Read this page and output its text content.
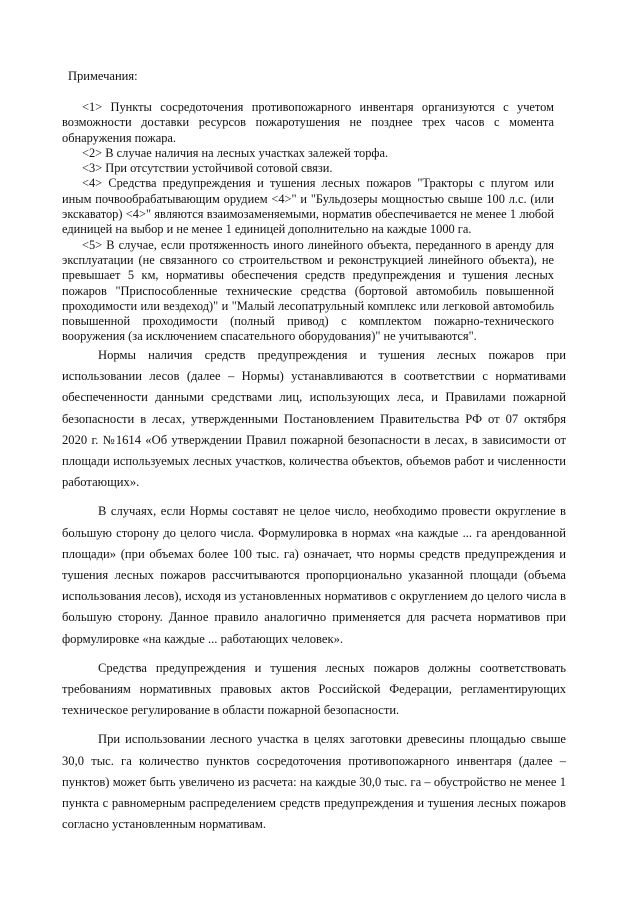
Примечания:

<1> Пункты сосредоточения противопожарного инвентаря организуются с учетом возможности доставки ресурсов пожаротушения не позднее трех часов с момента обнаружения пожара.

<2> В случае наличия на лесных участках залежей торфа.

<3> При отсутствии устойчивой сотовой связи.

<4> Средства предупреждения и тушения лесных пожаров "Тракторы с плугом или иным почвообрабатывающим орудием <4>" и "Бульдозеры мощностью свыше 100 л.с. (или экскаватор) <4>" являются взаимозаменяемыми, норматив обеспечивается не менее 1 любой единицей на выбор и не менее 1 единицей дополнительно на каждые 1000 га.

<5> В случае, если протяженность иного линейного объекта, переданного в аренду для эксплуатации (не связанного со строительством и реконструкцией линейного объекта), не превышает 5 км, нормативы обеспечения средств предупреждения и тушения лесных пожаров "Приспособленные технические средства (бортовой автомобиль повышенной проходимости или вездеход)" и "Малый лесопатрульный комплекс или легковой автомобиль повышенной проходимости (полный привод) с комплектом пожарно-технического вооружения (за исключением спасательного оборудования)" не учитываются".

Нормы наличия средств предупреждения и тушения лесных пожаров при использовании лесов (далее – Нормы) устанавливаются в соответствии с нормативами обеспеченности данными средствами лиц, использующих леса, и Правилами пожарной безопасности в лесах, утвержденными Постановлением Правительства РФ от 07 октября 2020 г. №1614 «Об утверждении Правил пожарной безопасности в лесах, в зависимости от площади используемых лесных участков, количества объектов, объемов работ и численности работающих».

В случаях, если Нормы составят не целое число, необходимо провести округление в большую сторону до целого числа. Формулировка в нормах «на каждые ... га арендованной площади» (при объемах более 100 тыс. га) означает, что нормы средств предупреждения и тушения лесных пожаров рассчитываются пропорционально указанной площади (объема использования лесов), исходя из установленных нормативов с округлением до целого числа в большую сторону. Данное правило аналогично применяется для расчета нормативов при формулировке «на каждые ... работающих человек».

Средства предупреждения и тушения лесных пожаров должны соответствовать требованиям нормативных правовых актов Российской Федерации, регламентирующих техническое регулирование в области пожарной безопасности.

При использовании лесного участка в целях заготовки древесины площадью свыше 30,0 тыс. га количество пунктов сосредоточения противопожарного инвентаря (далее – пунктов) может быть увеличено из расчета: на каждые 30,0 тыс. га – обустройство не менее 1 пункта с равномерным распределением средств предупреждения и тушения лесных пожаров согласно установленным нормативам.
